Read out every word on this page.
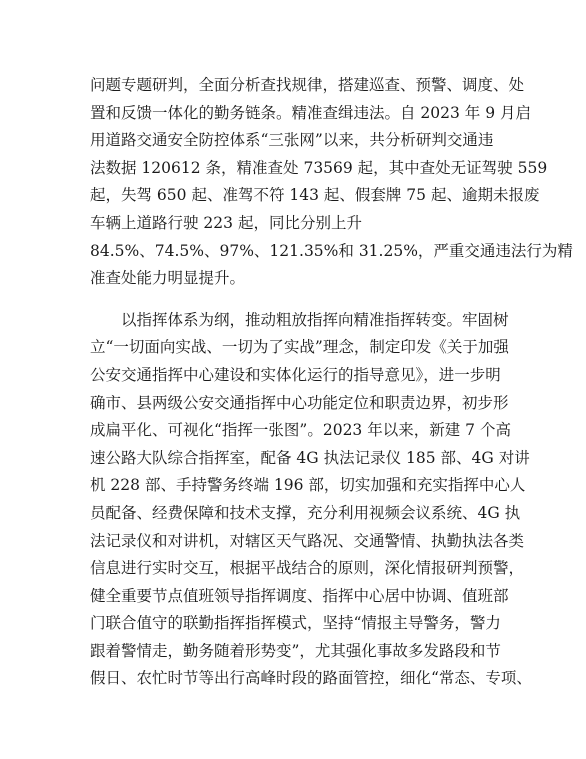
问题专题研判，全面分析查找规律，搭建巡查、预警、调度、处
置和反馈一体化的勤务链条。精准查缉违法。自 2023 年 9 月启
用道路交通安全防控体系“三张网”以来，共分析研判交通违
法数据 120612 条，精准查处 73569 起，其中查处无证驾驶 559
起，失驾 650 起、准驾不符 143 起、假套牌 75 起、逾期未报废
车辆上道路行驶 223 起，同比分别上升
84.5%、74.5%、97%、121.35%和 31.25%，严重交通违法行为精
准查处能力明显提升。
　　以指挥体系为纲，推动粗放指挥向精准指挥转变。牢固树
立“一切面向实战、一切为了实战”理念，制定印发《关于加强
公安交通指挥中心建设和实体化运行的指导意见》，进一步明
确市、县两级公安交通指挥中心功能定位和职责边界，初步形
成扁平化、可视化“指挥一张图”。2023 年以来，新建 7 个高
速公路大队综合指挥室，配备 4G 执法记录仪 185 部、4G 对讲
机 228 部、手持警务终端 196 部，切实加强和充实指挥中心人
员配备、经费保障和技术支撑，充分利用视频会议系统、4G 执
法记录仪和对讲机，对辖区天气路况、交通警情、执勤执法各类
信息进行实时交互，根据平战结合的原则，深化情报研判预警，
健全重要节点值班领导指挥调度、指挥中心居中协调、值班部
门联合值守的联勤指挥指挥模式，坚持“情报主导警务，警力
跟着警情走，勤务随着形势变”，尤其强化事故多发路段和节
假日、农忙时节等出行高峰时段的路面管控，细化“常态、专项、
